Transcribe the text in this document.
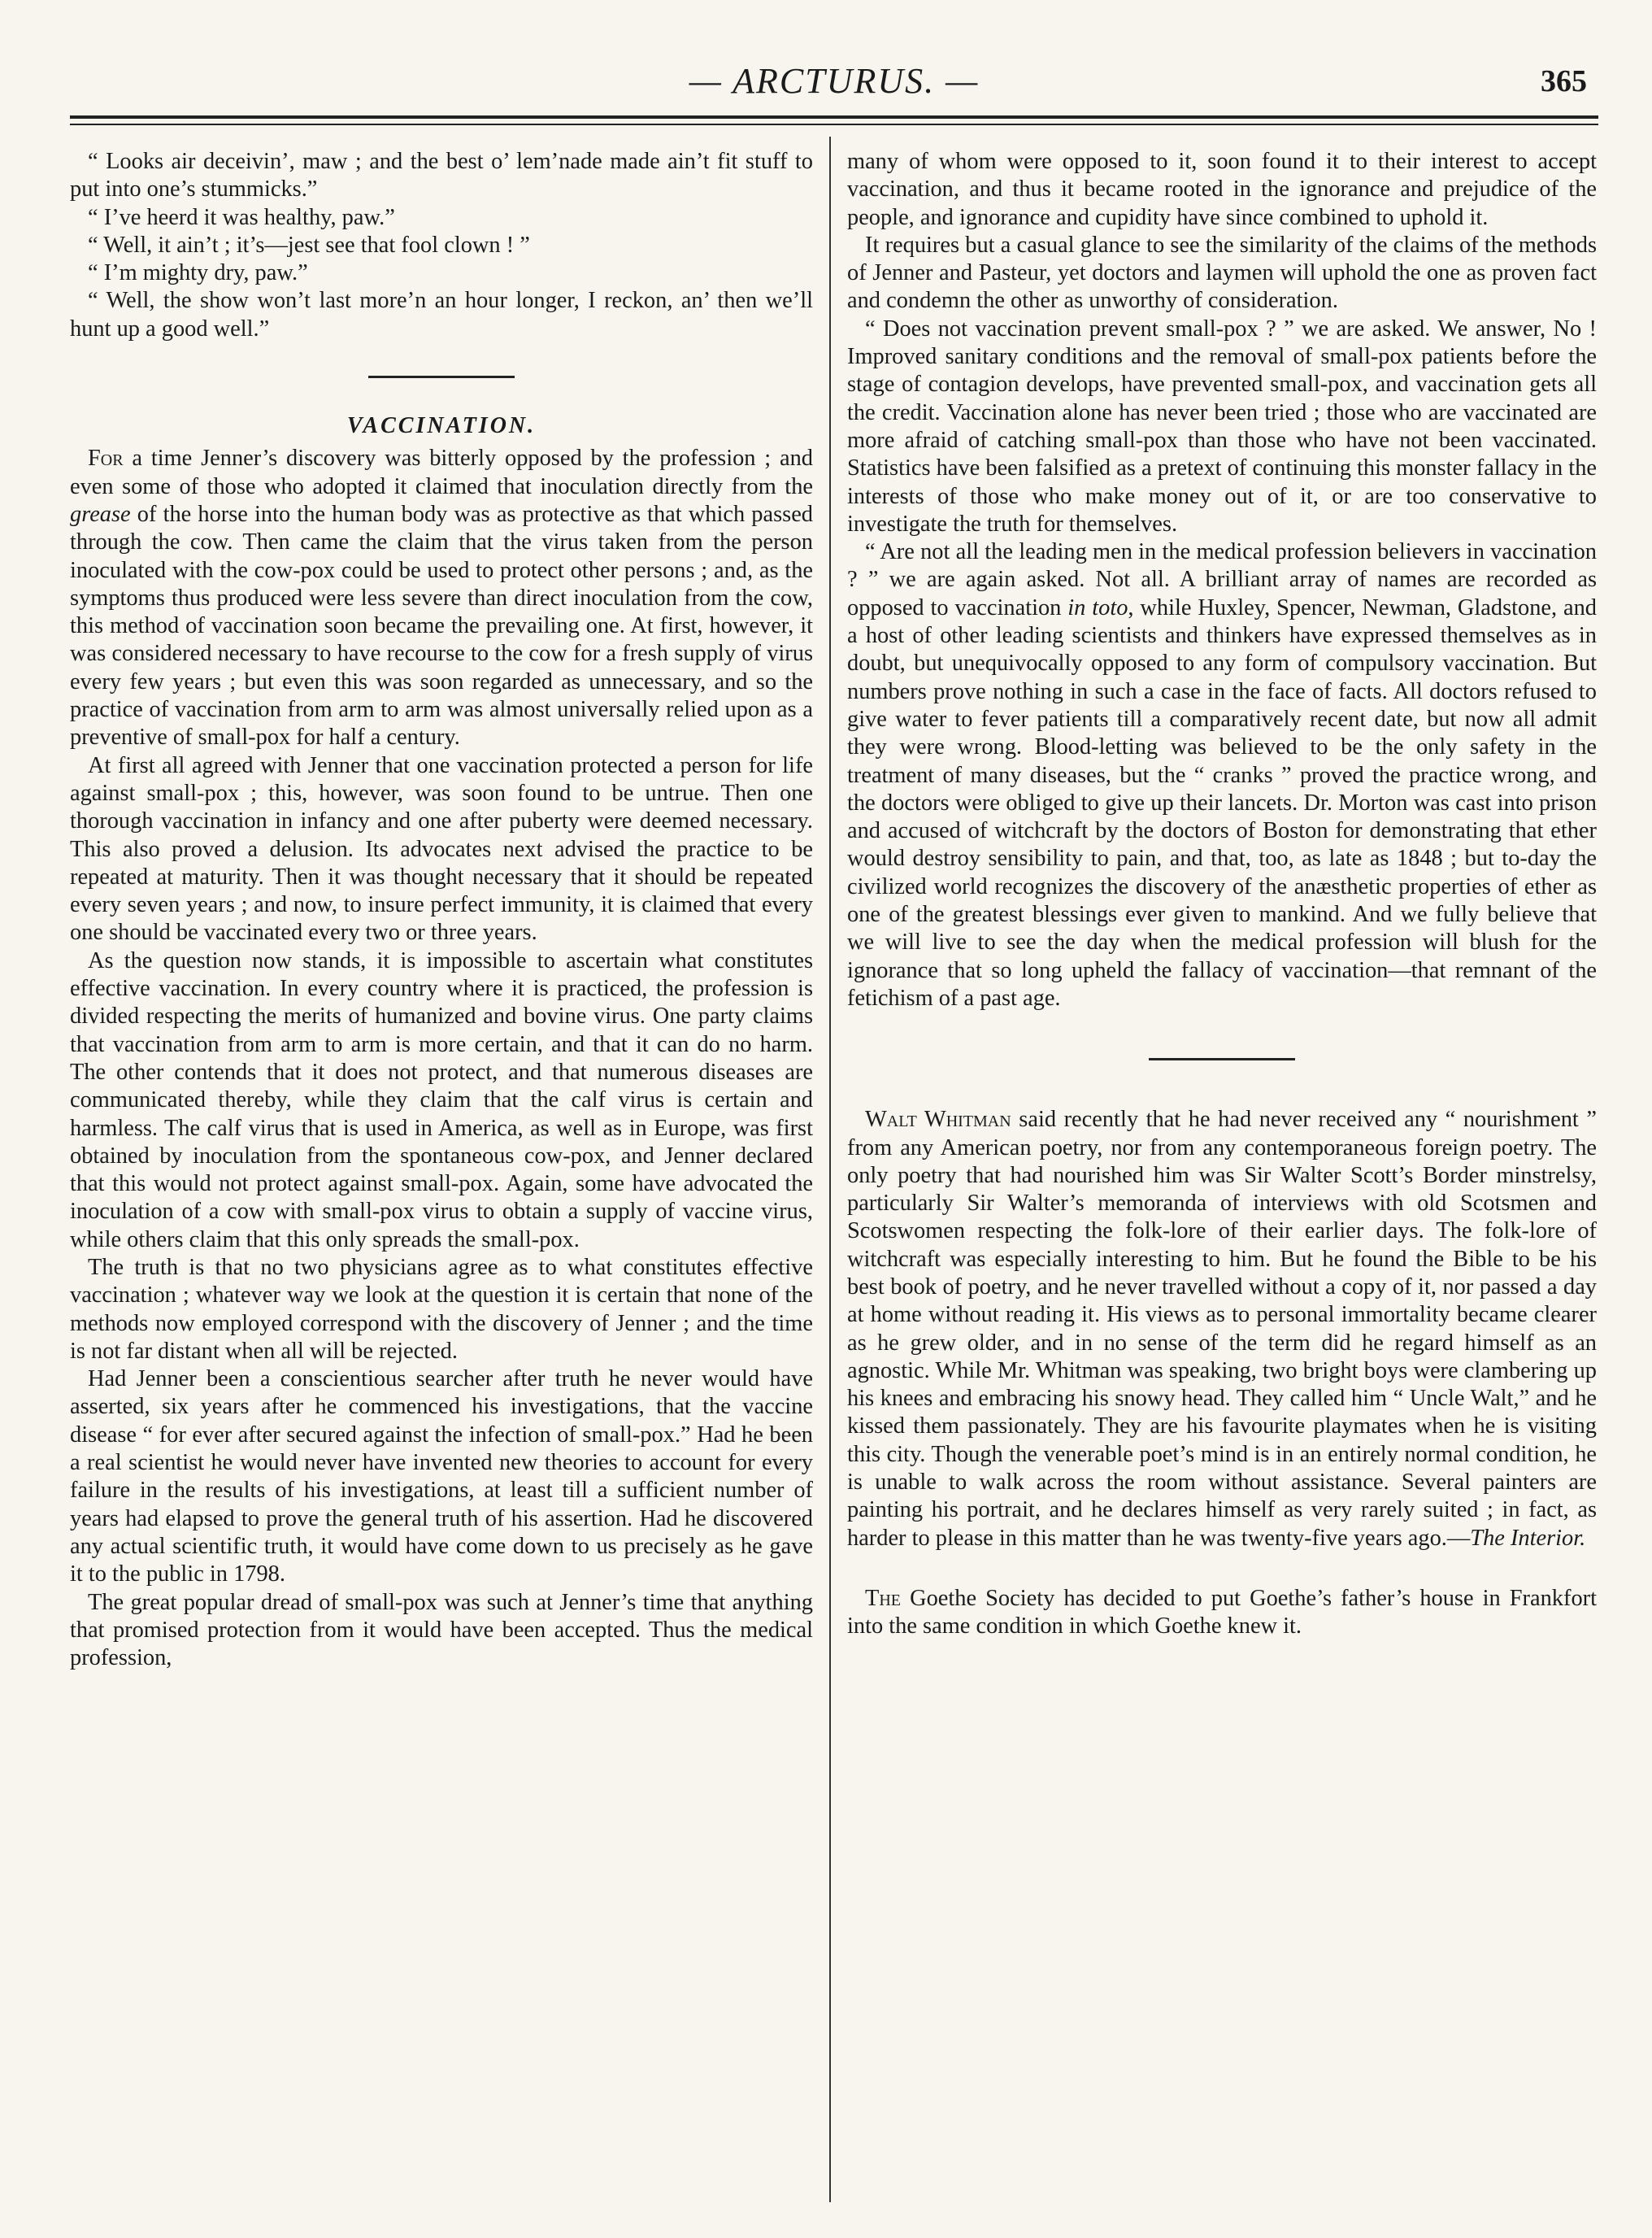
— ARCTURUS. —	365

“ Looks air deceivin’, maw ; and the best o’ lem’nade made ain’t fit stuff to put into one’s stummicks.”

“ I’ve heerd it was healthy, paw.”

“ Well, it ain’t ; it’s—jest see that fool clown ! ”

“ I’m mighty dry, paw.”

“ Well, the show won’t last more’n an hour longer, I reckon, an’ then we’ll hunt up a good well.”

VACCINATION.

For a time Jenner’s discovery was bitterly opposed by the profession ; and even some of those who adopted it claimed that inoculation directly from the grease of the horse into the human body was as protective as that which passed through the cow. Then came the claim that the virus taken from the person inoculated with the cow-pox could be used to protect other persons ; and, as the symptoms thus produced were less severe than direct inoculation from the cow, this method of vaccination soon became the prevailing one. At first, however, it was considered necessary to have recourse to the cow for a fresh supply of virus every few years ; but even this was soon regarded as unnecessary, and so the practice of vaccination from arm to arm was almost universally relied upon as a preventive of small-pox for half a century.

At first all agreed with Jenner that one vaccination protected a person for life against small-pox ; this, however, was soon found to be untrue. Then one thorough vaccination in infancy and one after puberty were deemed necessary. This also proved a delusion. Its advocates next advised the practice to be repeated at maturity. Then it was thought necessary that it should be repeated every seven years ; and now, to insure perfect immunity, it is claimed that every one should be vaccinated every two or three years.

As the question now stands, it is impossible to ascertain what constitutes effective vaccination. In every country where it is practiced, the profession is divided respecting the merits of humanized and bovine virus. One party claims that vaccination from arm to arm is more certain, and that it can do no harm. The other contends that it does not protect, and that numerous diseases are communicated thereby, while they claim that the calf virus is certain and harmless. The calf virus that is used in America, as well as in Europe, was first obtained by inoculation from the spontaneous cow-pox, and Jenner declared that this would not protect against small-pox. Again, some have advocated the inoculation of a cow with small-pox virus to obtain a supply of vaccine virus, while others claim that this only spreads the small-pox.

The truth is that no two physicians agree as to what constitutes effective vaccination ; whatever way we look at the question it is certain that none of the methods now employed correspond with the discovery of Jenner ; and the time is not far distant when all will be rejected.

Had Jenner been a conscientious searcher after truth he never would have asserted, six years after he commenced his investigations, that the vaccine disease “ for ever after secured against the infection of small-pox.” Had he been a real scientist he would never have invented new theories to account for every failure in the results of his investigations, at least till a sufficient number of years had elapsed to prove the general truth of his assertion. Had he discovered any actual scientific truth, it would have come down to us precisely as he gave it to the public in 1798.

The great popular dread of small-pox was such at Jenner’s time that anything that promised protection from it would have been accepted. Thus the medical profession,

many of whom were opposed to it, soon found it to their interest to accept vaccination, and thus it became rooted in the ignorance and prejudice of the people, and ignorance and cupidity have since combined to uphold it.

It requires but a casual glance to see the similarity of the claims of the methods of Jenner and Pasteur, yet doctors and laymen will uphold the one as proven fact and condemn the other as unworthy of consideration.

“ Does not vaccination prevent small-pox ? ” we are asked. We answer, No ! Improved sanitary conditions and the removal of small-pox patients before the stage of contagion develops, have prevented small-pox, and vaccination gets all the credit. Vaccination alone has never been tried ; those who are vaccinated are more afraid of catching small-pox than those who have not been vaccinated. Statistics have been falsified as a pretext of continuing this monster fallacy in the interests of those who make money out of it, or are too conservative to investigate the truth for themselves.

“ Are not all the leading men in the medical profession believers in vaccination ? ” we are again asked. Not all. A brilliant array of names are recorded as opposed to vaccination in toto, while Huxley, Spencer, Newman, Gladstone, and a host of other leading scientists and thinkers have expressed themselves as in doubt, but unequivocally opposed to any form of compulsory vaccination. But numbers prove nothing in such a case in the face of facts. All doctors refused to give water to fever patients till a comparatively recent date, but now all admit they were wrong. Blood-letting was believed to be the only safety in the treatment of many diseases, but the “ cranks ” proved the practice wrong, and the doctors were obliged to give up their lancets. Dr. Morton was cast into prison and accused of witchcraft by the doctors of Boston for demonstrating that ether would destroy sensibility to pain, and that, too, as late as 1848 ; but to-day the civilized world recognizes the discovery of the anæsthetic properties of ether as one of the greatest blessings ever given to mankind. And we fully believe that we will live to see the day when the medical profession will blush for the ignorance that so long upheld the fallacy of vaccination—that remnant of the fetichism of a past age.

Walt Whitman said recently that he had never received any “ nourishment ” from any American poetry, nor from any contemporaneous foreign poetry. The only poetry that had nourished him was Sir Walter Scott’s Border minstrelsy, particularly Sir Walter’s memoranda of interviews with old Scotsmen and Scotswomen respecting the folk-lore of their earlier days. The folk-lore of witchcraft was especially interesting to him. But he found the Bible to be his best book of poetry, and he never travelled without a copy of it, nor passed a day at home without reading it. His views as to personal immortality became clearer as he grew older, and in no sense of the term did he regard himself as an agnostic. While Mr. Whitman was speaking, two bright boys were clambering up his knees and embracing his snowy head. They called him “ Uncle Walt,” and he kissed them passionately. They are his favourite playmates when he is visiting this city. Though the venerable poet’s mind is in an entirely normal condition, he is unable to walk across the room without assistance. Several painters are painting his portrait, and he declares himself as very rarely suited ; in fact, as harder to please in this matter than he was twenty-five years ago.—The Interior.

The Goethe Society has decided to put Goethe’s father’s house in Frankfort into the same condition in which Goethe knew it.
